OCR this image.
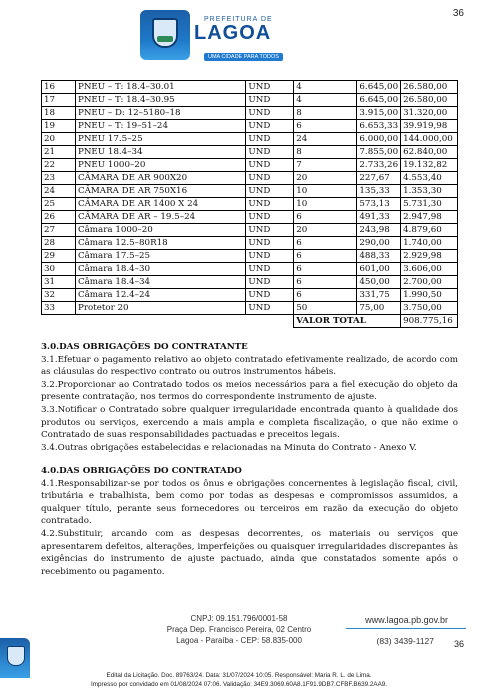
36
PREFEITURA DE
LAGOA
UMA CIDADE PARA TODOS
16	PNEU – T: 18.4–30.01	UND	4	6.645,00	26.580,00
17	PNEU – T: 18.4–30.95	UND	4	6.645,00	26.580,00
18	PNEU – D: 12–5180–18	UND	8	3.915,00	31.320,00
19	PNEU – T: 19–51–24	UND	6	6.653,33	39.919,98
20	PNEU 17.5–25	UND	24	6.000,00	144.000,00
21	PNEU 18.4–34	UND	8	7.855,00	62.840,00
22	PNEU 1000–20	UND	7	2.733,26	19.132,82
23	CÂMARA DE AR 900X20	UND	20	227,67	4.553,40
24	CÂMARA DE AR 750X16	UND	10	135,33	1.353,30
25	CÂMARA DE AR 1400 X 24	UND	10	573,13	5.731,30
26	CÂMARA DE AR – 19.5–24	UND	6	491,33	2.947,98
27	Câmara 1000–20	UND	20	243,98	4.879,60
28	Câmara 12.5–80R18	UND	6	290,00	1.740,00
29	Câmara 17.5–25	UND	6	488,33	2.929,98
30	Câmara 18.4–30	UND	6	601,00	3.606,00
31	Câmara 18.4–34	UND	6	450,00	2.700,00
32	Câmara 12.4–24	UND	6	331,75	1.990,50
33	Protetor 20	UND	50	75,00	3.750,00
			VALOR TOTAL		908.775,16
3.0.DAS OBRIGAÇÕES DO CONTRATANTE
3.1.Efetuar o pagamento relativo ao objeto contratado efetivamente realizado, de acordo com as cláusulas do respectivo contrato ou outros instrumentos hábeis.
3.2.Proporcionar ao Contratado todos os meios necessários para a fiel execução do objeto da presente contratação, nos termos do correspondente instrumento de ajuste.
3.3.Notificar o Contratado sobre qualquer irregularidade encontrada quanto à qualidade dos produtos ou serviços, exercendo a mais ampla e completa fiscalização, o que não exime o Contratado de suas responsabilidades pactuadas e preceitos legais.
3.4.Outras obrigações estabelecidas e relacionadas na Minuta do Contrato - Anexo V.
4.0.DAS OBRIGAÇÕES DO CONTRATADO
4.1.Responsabilizar-se por todos os ônus e obrigações concernentes à legislação fiscal, civil, tributária e trabalhista, bem como por todas as despesas e compromissos assumidos, a qualquer título, perante seus fornecedores ou terceiros em razão da execução do objeto contratado.
4.2.Substituir, arcando com as despesas decorrentes, os materiais ou serviços que apresentarem defeitos, alterações, imperfeições ou quaisquer irregularidades discrepantes às exigências do instrumento de ajuste pactuado, ainda que constatados somente após o recebimento ou pagamento.
CNPJ: 09.151.796/0001-58
Praça Dep. Francisco Pereira, 02 Centro
Lagoa - Paraíba - CEP: 58.835-000
www.lagoa.pb.gov.br
(83) 3439-1127 36
Edital da Licitação. Doc. 89763/24. Data: 31/07/2024 10:05. Responsável: Maria R. L. de Lima.
Impresso por convidado em 01/08/2024 07:06. Validação: 34E9.3069.60A8.1F91.9DB7.CFBF.B639.2AA9.
